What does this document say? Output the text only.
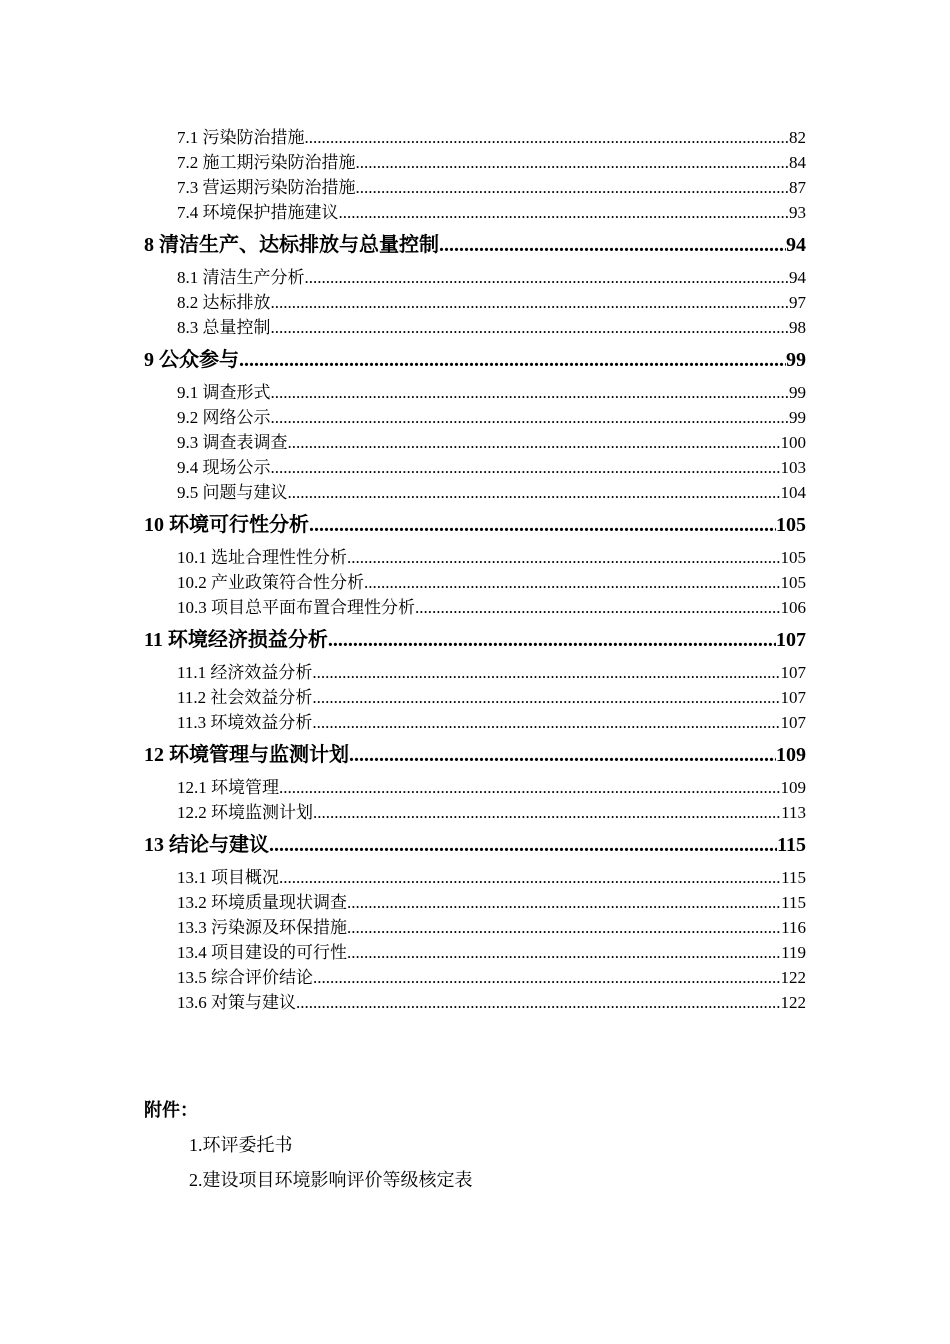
7.1 污染防治措施 .....	82
7.2 施工期污染防治措施 .....	84
7.3 营运期污染防治措施 .....	87
7.4 环境保护措施建议 .....	93
8 清洁生产、达标排放与总量控制 .....	94
8.1 清洁生产分析 .....	94
8.2 达标排放 .....	97
8.3 总量控制 .....	98
9 公众参与 .....	99
9.1 调查形式 .....	99
9.2 网络公示 .....	99
9.3 调查表调查 .....	100
9.4 现场公示 .....	103
9.5 问题与建议 .....	104
10 环境可行性分析 .....	105
10.1 选址合理性性分析 .....	105
10.2 产业政策符合性分析 .....	105
10.3 项目总平面布置合理性分析 .....	106
11 环境经济损益分析 .....	107
11.1 经济效益分析 .....	107
11.2 社会效益分析 .....	107
11.3 环境效益分析 .....	107
12 环境管理与监测计划 .....	109
12.1 环境管理 .....	109
12.2 环境监测计划 .....	113
13 结论与建议 .....	115
13.1 项目概况 .....	115
13.2 环境质量现状调查 .....	115
13.3 污染源及环保措施 .....	116
13.4 项目建设的可行性 .....	119
13.5 综合评价结论 .....	122
13.6 对策与建议 .....	122
附件：
1.环评委托书
2.建设项目环境影响评价等级核定表
